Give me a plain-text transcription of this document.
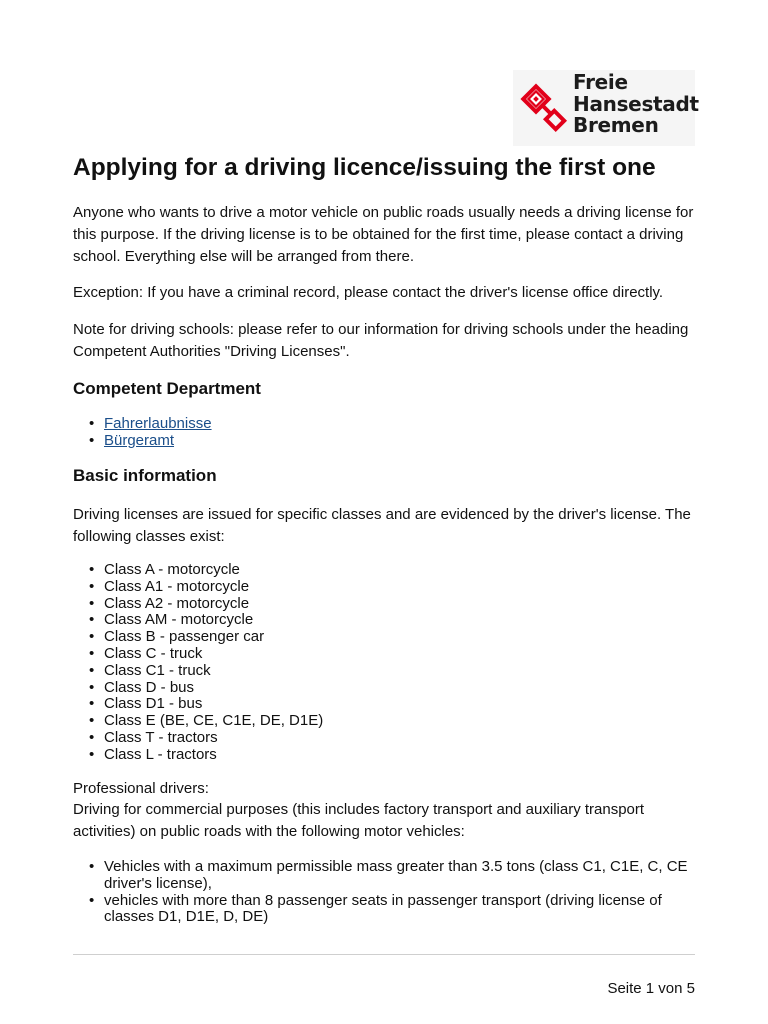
Freie
Hansestadt
Bremen
Applying for a driving licence/issuing the first one

Anyone who wants to drive a motor vehicle on public roads usually needs a driving license for this purpose. If the driving license is to be obtained for the first time, please contact a driving school. Everything else will be arranged from there.

Exception: If you have a criminal record, please contact the driver's license office directly.

Note for driving schools: please refer to our information for driving schools under the heading Competent Authorities "Driving Licenses".

Competent Department
• Fahrerlaubnisse
• Bürgeramt
Basic information

Driving licenses are issued for specific classes and are evidenced by the driver's license. The following classes exist:

• Class A - motorcycle
• Class A1 - motorcycle
• Class A2 - motorcycle
• Class AM - motorcycle
• Class B - passenger car
• Class C - truck
• Class C1 - truck
• Class D - bus
• Class D1 - bus
• Class E (BE, CE, C1E, DE, D1E)
• Class T - tractors
• Class L - tractors

Professional drivers:

Driving for commercial purposes (this includes factory transport and auxiliary transport activities) on public roads with the following motor vehicles:

• Vehicles with a maximum permissible mass greater than 3.5 tons (class C1, C1E, C, CE driver's license),
• vehicles with more than 8 passenger seats in passenger transport (driving license of classes D1, D1E, D, DE)
Seite 1 von 5
